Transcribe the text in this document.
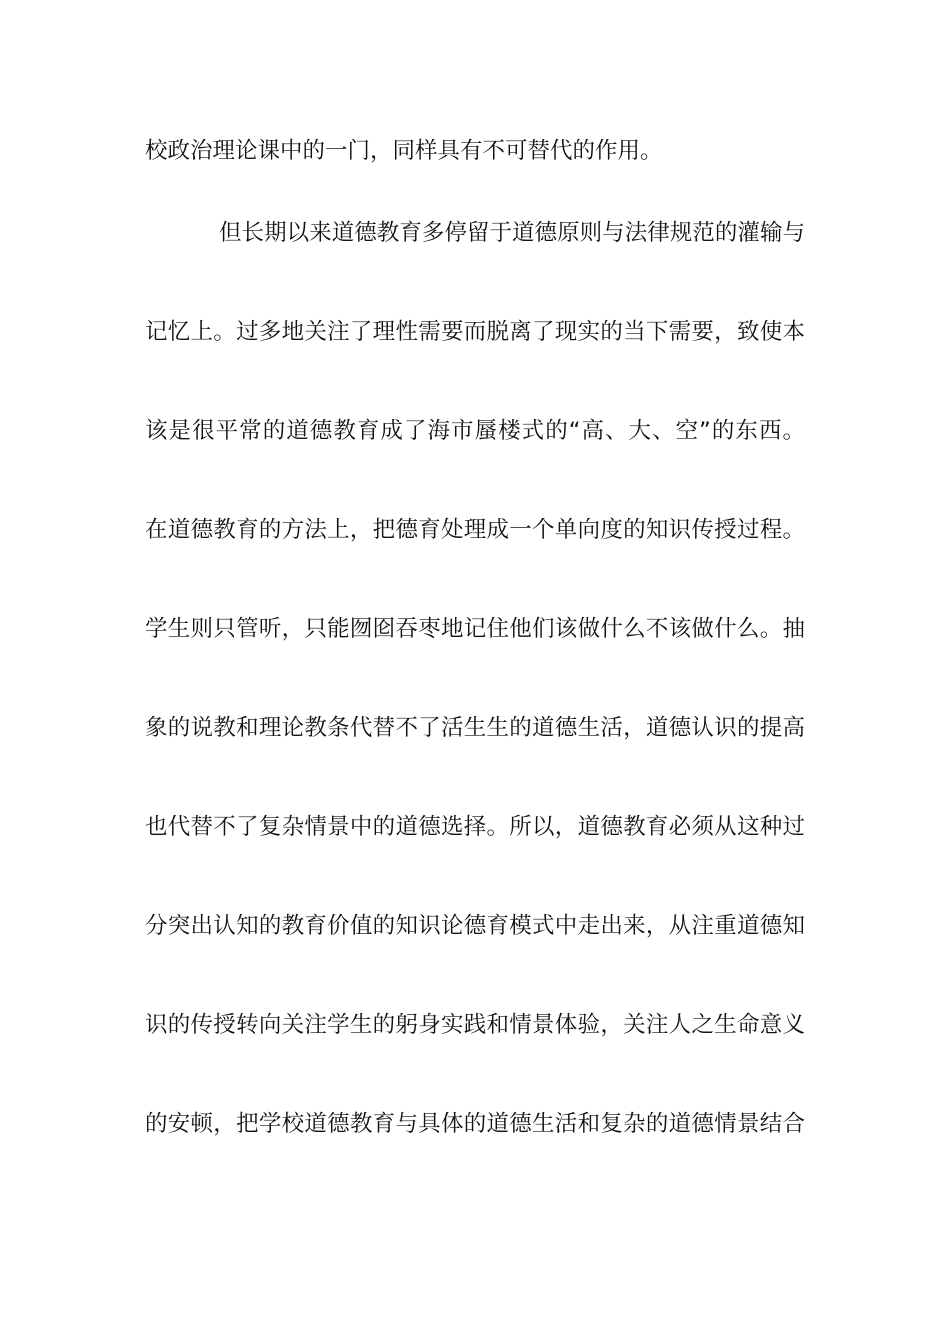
校政治理论课中的一门，同样具有不可替代的作用。
但长期以来道德教育多停留于道德原则与法律规范的灌输与
记忆上。过多地关注了理性需要而脱离了现实的当下需要，致使本
该是很平常的道德教育成了海市蜃楼式的“高、大、空”的东西。
在道德教育的方法上，把德育处理成一个单向度的知识传授过程。
学生则只管听，只能囫囵吞枣地记住他们该做什么不该做什么。抽
象的说教和理论教条代替不了活生生的道德生活，道德认识的提高
也代替不了复杂情景中的道德选择。所以，道德教育必须从这种过
分突出认知的教育价值的知识论德育模式中走出来，从注重道德知
识的传授转向关注学生的躬身实践和情景体验，关注人之生命意义
的安顿，把学校道德教育与具体的道德生活和复杂的道德情景结合
